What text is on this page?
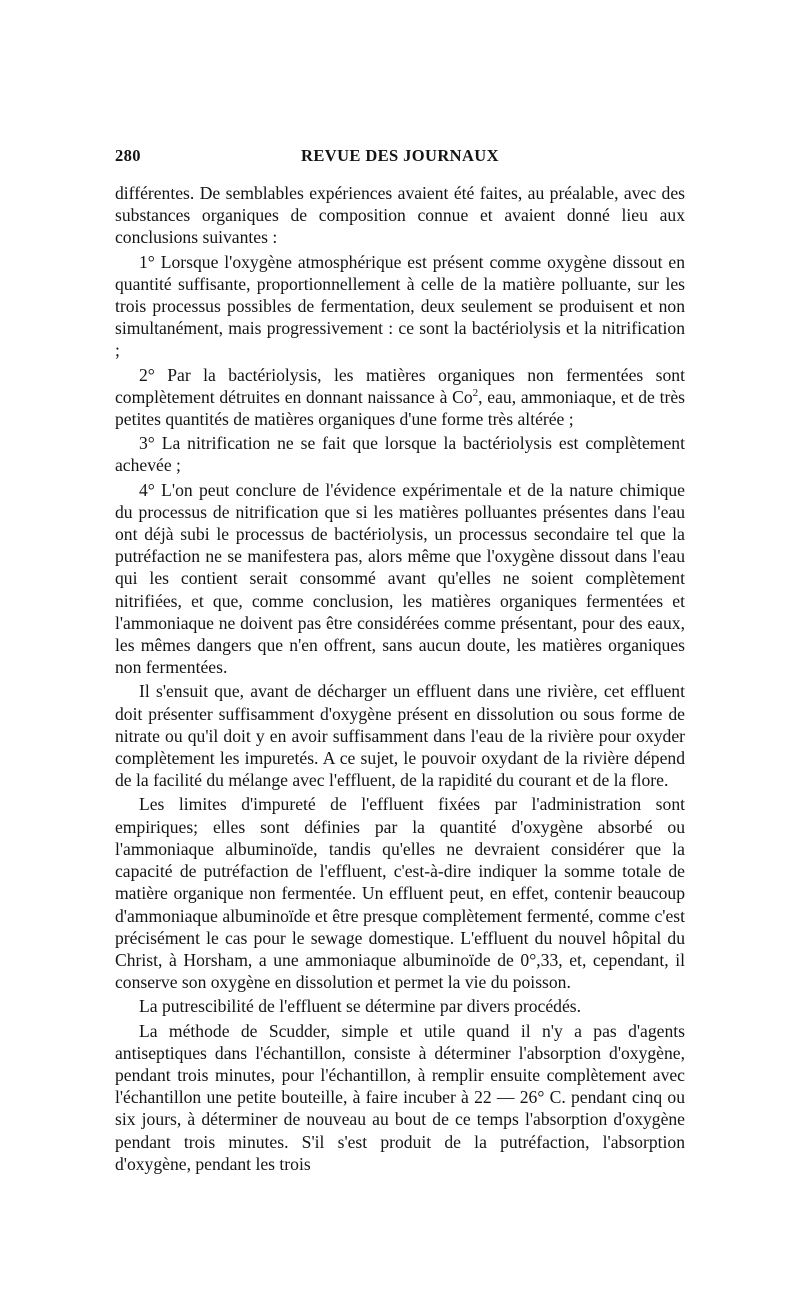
280	REVUE DES JOURNAUX

différentes. De semblables expériences avaient été faites, au préalable, avec des substances organiques de composition connue et avaient donné lieu aux conclusions suivantes :

1° Lorsque l'oxygène atmosphérique est présent comme oxygène dissout en quantité suffisante, proportionnellement à celle de la matière polluante, sur les trois processus possibles de fermentation, deux seulement se produisent et non simultanément, mais progressivement : ce sont la bactériolysis et la nitrification ;

2° Par la bactériolysis, les matières organiques non fermentées sont complètement détruites en donnant naissance à Co$^2$, eau, ammoniaque, et de très petites quantités de matières organiques d'une forme très altérée ;

3° La nitrification ne se fait que lorsque la bactériolysis est complètement achevée ;

4° L'on peut conclure de l'évidence expérimentale et de la nature chimique du processus de nitrification que si les matières polluantes présentes dans l'eau ont déjà subi le processus de bactériolysis, un processus secondaire tel que la putréfaction ne se manifestera pas, alors même que l'oxygène dissout dans l'eau qui les contient serait consommé avant qu'elles ne soient complètement nitrifiées, et que, comme conclusion, les matières organiques fermentées et l'ammoniaque ne doivent pas être considérées comme présentant, pour des eaux, les mêmes dangers que n'en offrent, sans aucun doute, les matières organiques non fermentées.

Il s'ensuit que, avant de décharger un effluent dans une rivière, cet effluent doit présenter suffisamment d'oxygène présent en dissolution ou sous forme de nitrate ou qu'il doit y en avoir suffisamment dans l'eau de la rivière pour oxyder complètement les impuretés. A ce sujet, le pouvoir oxydant de la rivière dépend de la facilité du mélange avec l'effluent, de la rapidité du courant et de la flore.

Les limites d'impureté de l'effluent fixées par l'administration sont empiriques; elles sont définies par la quantité d'oxygène absorbé ou l'ammoniaque albuminoïde, tandis qu'elles ne devraient considérer que la capacité de putréfaction de l'effluent, c'est-à-dire indiquer la somme totale de matière organique non fermentée. Un effluent peut, en effet, contenir beaucoup d'ammoniaque albuminoïde et être presque complètement fermenté, comme c'est précisément le cas pour le sewage domestique. L'effluent du nouvel hôpital du Christ, à Horsham, a une ammoniaque albuminoïde de 0°,33, et, cependant, il conserve son oxygène en dissolution et permet la vie du poisson.

La putrescibilité de l'effluent se détermine par divers procédés.

La méthode de Scudder, simple et utile quand il n'y a pas d'agents antiseptiques dans l'échantillon, consiste à déterminer l'absorption d'oxygène, pendant trois minutes, pour l'échantillon, à remplir ensuite complètement avec l'échantillon une petite bouteille, à faire incuber à 22 — 26° C. pendant cinq ou six jours, à déterminer de nouveau au bout de ce temps l'absorption d'oxygène pendant trois minutes. S'il s'est produit de la putréfaction, l'absorption d'oxygène, pendant les trois
